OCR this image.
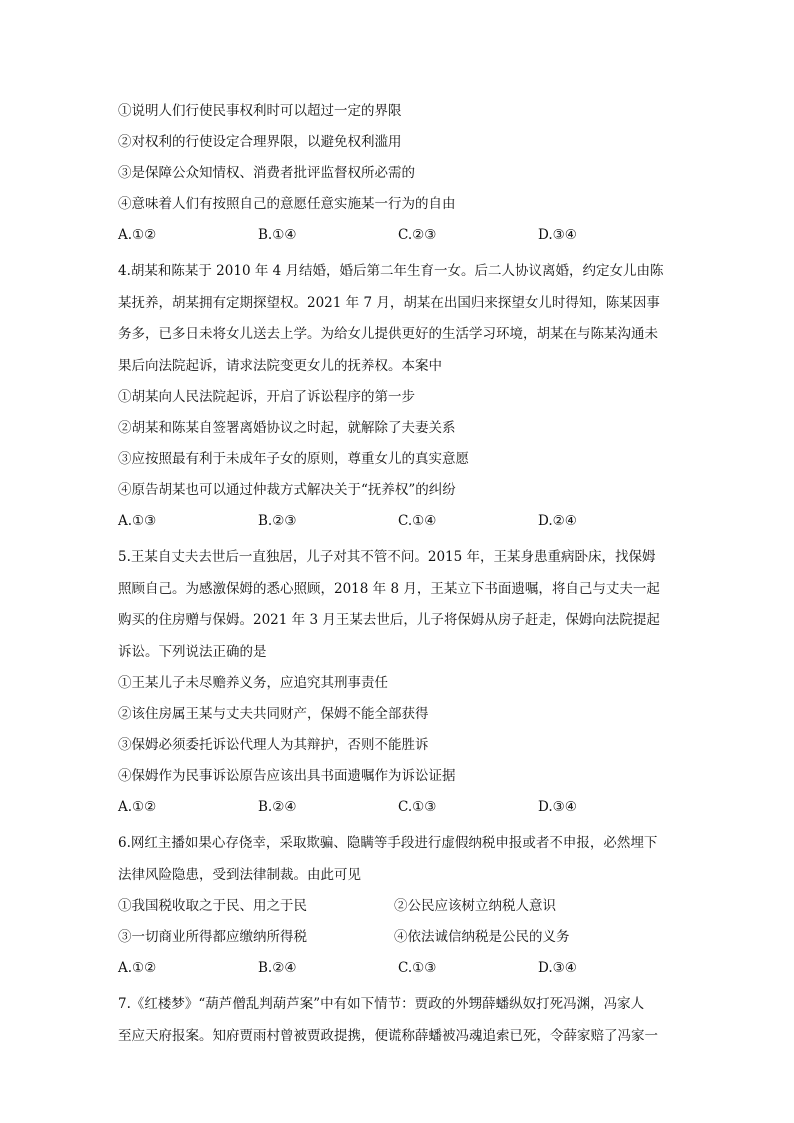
①说明人们行使民事权利时可以超过一定的界限

②对权利的行使设定合理界限，以避免权利滥用

③是保障公众知情权、消费者批评监督权所必需的

④意味着人们有按照自己的意愿任意实施某一行为的自由

A.①②	B.①④	C.②③	D.③④

4.胡某和陈某于 2010 年 4 月结婚，婚后第二年生育一女。后二人协议离婚，约定女儿由陈

某抚养，胡某拥有定期探望权。2021 年 7 月，胡某在出国归来探望女儿时得知，陈某因事

务多，已多日未将女儿送去上学。为给女儿提供更好的生活学习环境，胡某在与陈某沟通未

果后向法院起诉，请求法院变更女儿的抚养权。本案中

①胡某向人民法院起诉，开启了诉讼程序的第一步

②胡某和陈某自签署离婚协议之时起，就解除了夫妻关系

③应按照最有利于未成年子女的原则，尊重女儿的真实意愿

④原告胡某也可以通过仲裁方式解决关于“抚养权”的纠纷

A.①③	B.②③	C.①④	D.②④

5.王某自丈夫去世后一直独居，儿子对其不管不问。2015 年，王某身患重病卧床，找保姆

照顾自己。为感激保姆的悉心照顾，2018 年 8 月，王某立下书面遗嘱，将自己与丈夫一起

购买的住房赠与保姆。2021 年 3 月王某去世后，儿子将保姆从房子赶走，保姆向法院提起

诉讼。下列说法正确的是

①王某儿子未尽赡养义务，应追究其刑事责任

②该住房属王某与丈夫共同财产，保姆不能全部获得

③保姆必须委托诉讼代理人为其辩护，否则不能胜诉

④保姆作为民事诉讼原告应该出具书面遗嘱作为诉讼证据

A.①②	B.②④	C.①③	D.③④

6.网红主播如果心存侥幸，采取欺骗、隐瞒等手段进行虚假纳税申报或者不申报，必然埋下

法律风险隐患，受到法律制裁。由此可见

①我国税收取之于民、用之于民	②公民应该树立纳税人意识
③一切商业所得都应缴纳所得税	④依法诚信纳税是公民的义务
A.①②	B.②④	C.①③	D.③④

7.《红楼梦》“葫芦僧乱判葫芦案”中有如下情节：贾政的外甥薛蟠纵奴打死冯渊，冯家人

至应天府报案。知府贾雨村曾被贾政提携，便谎称薛蟠被冯魂追索已死，令薛家赔了冯家一
